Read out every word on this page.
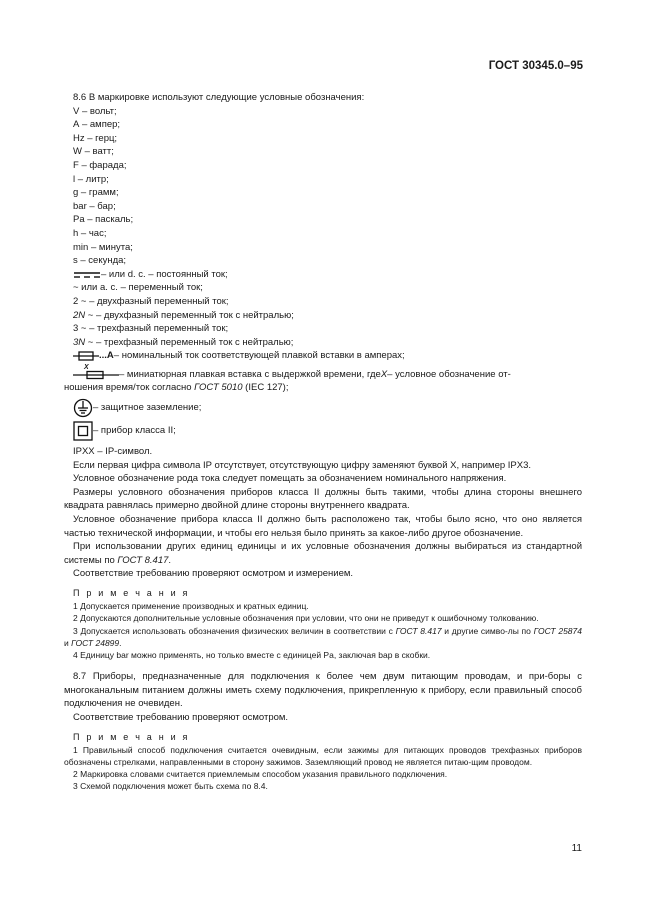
ГОСТ 30345.0–95
8.6 В маркировке используют следующие условные обозначения:
V – вольт;
А – ампер;
Hz – герц;
W – ватт;
F – фарада;
l – литр;
g – грамм;
bar – бар;
Pa – паскаль;
h – час;
min – минута;
s – секунда;
– или d. c. – постоянный ток;
~ или а. с. – переменный ток;
2 ~ – двухфазный переменный ток;
2N ~ – двухфазный переменный ток с нейтралью;
3 ~ – трехфазный переменный ток;
3N ~ – трехфазный переменный ток с нейтралью;
...А – номинальный ток соответствующей плавкой вставки в амперах;
X
– миниатюрная плавкая вставка с выдержкой времени, где X – условное обозначение от-

ношения время/ток согласно ГОСТ 5010 (IEC 127);

– защитное заземление;
– прибор класса II;

IPXX – IP-символ.

Если первая цифра символа IP отсутствует, отсутствующую цифру заменяют буквой X, например IPX3.

Условное обозначение рода тока следует помещать за обозначением номинального напряжения.

Размеры условного обозначения приборов класса II должны быть такими, чтобы длина стороны внешнего квадрата равнялась примерно двойной длине стороны внутреннего квадрата.

Условное обозначение прибора класса II должно быть расположено так, чтобы было ясно, что оно является частью технической информации, и чтобы его нельзя было принять за какое-либо другое обозначение.

При использовании других единиц единицы и их условные обозначения должны выбираться из стандартной системы по ГОСТ 8.417.

Соответствие требованию проверяют осмотром и измерением.

П р и м е ч а н и я

1 Допускается применение производных и кратных единиц.

2 Допускаются дополнительные условные обозначения при условии, что они не приведут к ошибочному толкованию.

3 Допускается использовать обозначения физических величин в соответствии с ГОСТ 8.417 и другие симво-лы по ГОСТ 25874 и ГОСТ 24899.

4 Единицу bar можно применять, но только вместе с единицей Pa, заключая bар в скобки.

8.7 Приборы, предназначенные для подключения к более чем двум питающим проводам, и при-боры с многоканальным питанием должны иметь схему подключения, прикрепленную к прибору, если правильный способ подключения не очевиден.

Соответствие требованию проверяют осмотром.

П р и м е ч а н и я

1 Правильный способ подключения считается очевидным, если зажимы для питающих проводов трехфазных приборов обозначены стрелками, направленными в сторону зажимов. Заземляющий провод не является питаю-щим проводом.

2 Маркировка словами считается приемлемым способом указания правильного подключения.

3 Схемой подключения может быть схема по 8.4.

11
